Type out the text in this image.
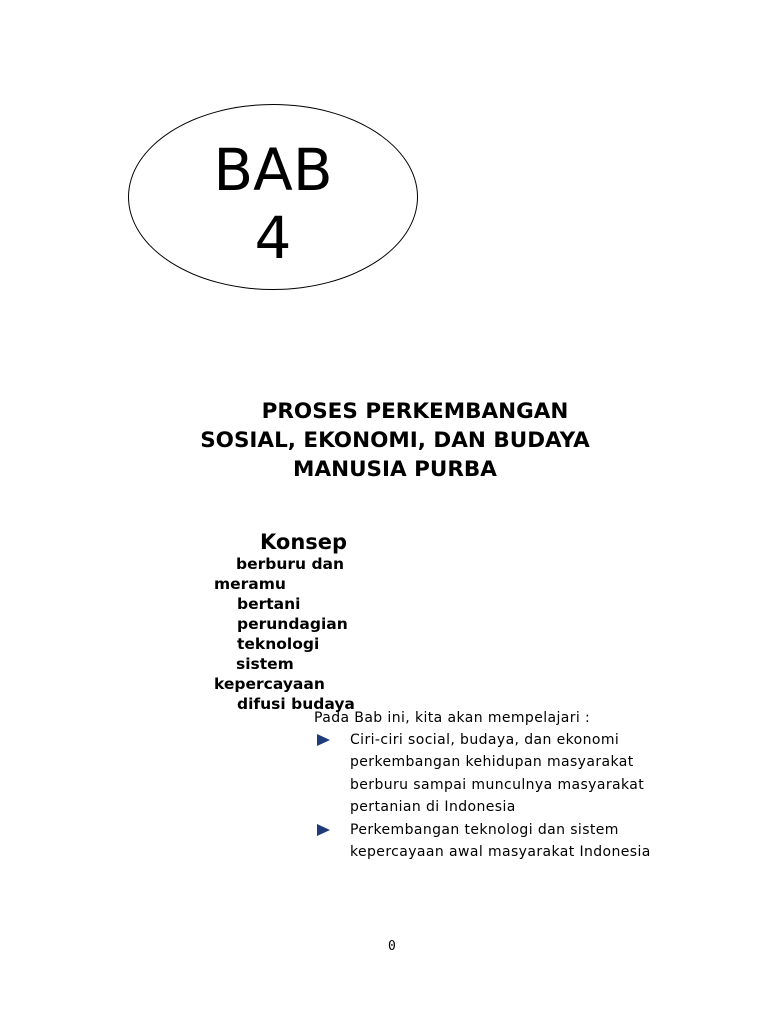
BAB
4
PROSES PERKEMBANGAN
SOSIAL, EKONOMI, DAN BUDAYA
MANUSIA PURBA
Konsep
berburu dan meramu
bertani
perundagian
teknologi
sistem kepercayaan
difusi budaya
Pada Bab ini, kita akan mempelajari :
Ciri-ciri social, budaya, dan ekonomi perkembangan kehidupan masyarakat berburu sampai munculnya masyarakat pertanian di Indonesia
Perkembangan teknologi dan sistem kepercayaan awal masyarakat Indonesia
0
